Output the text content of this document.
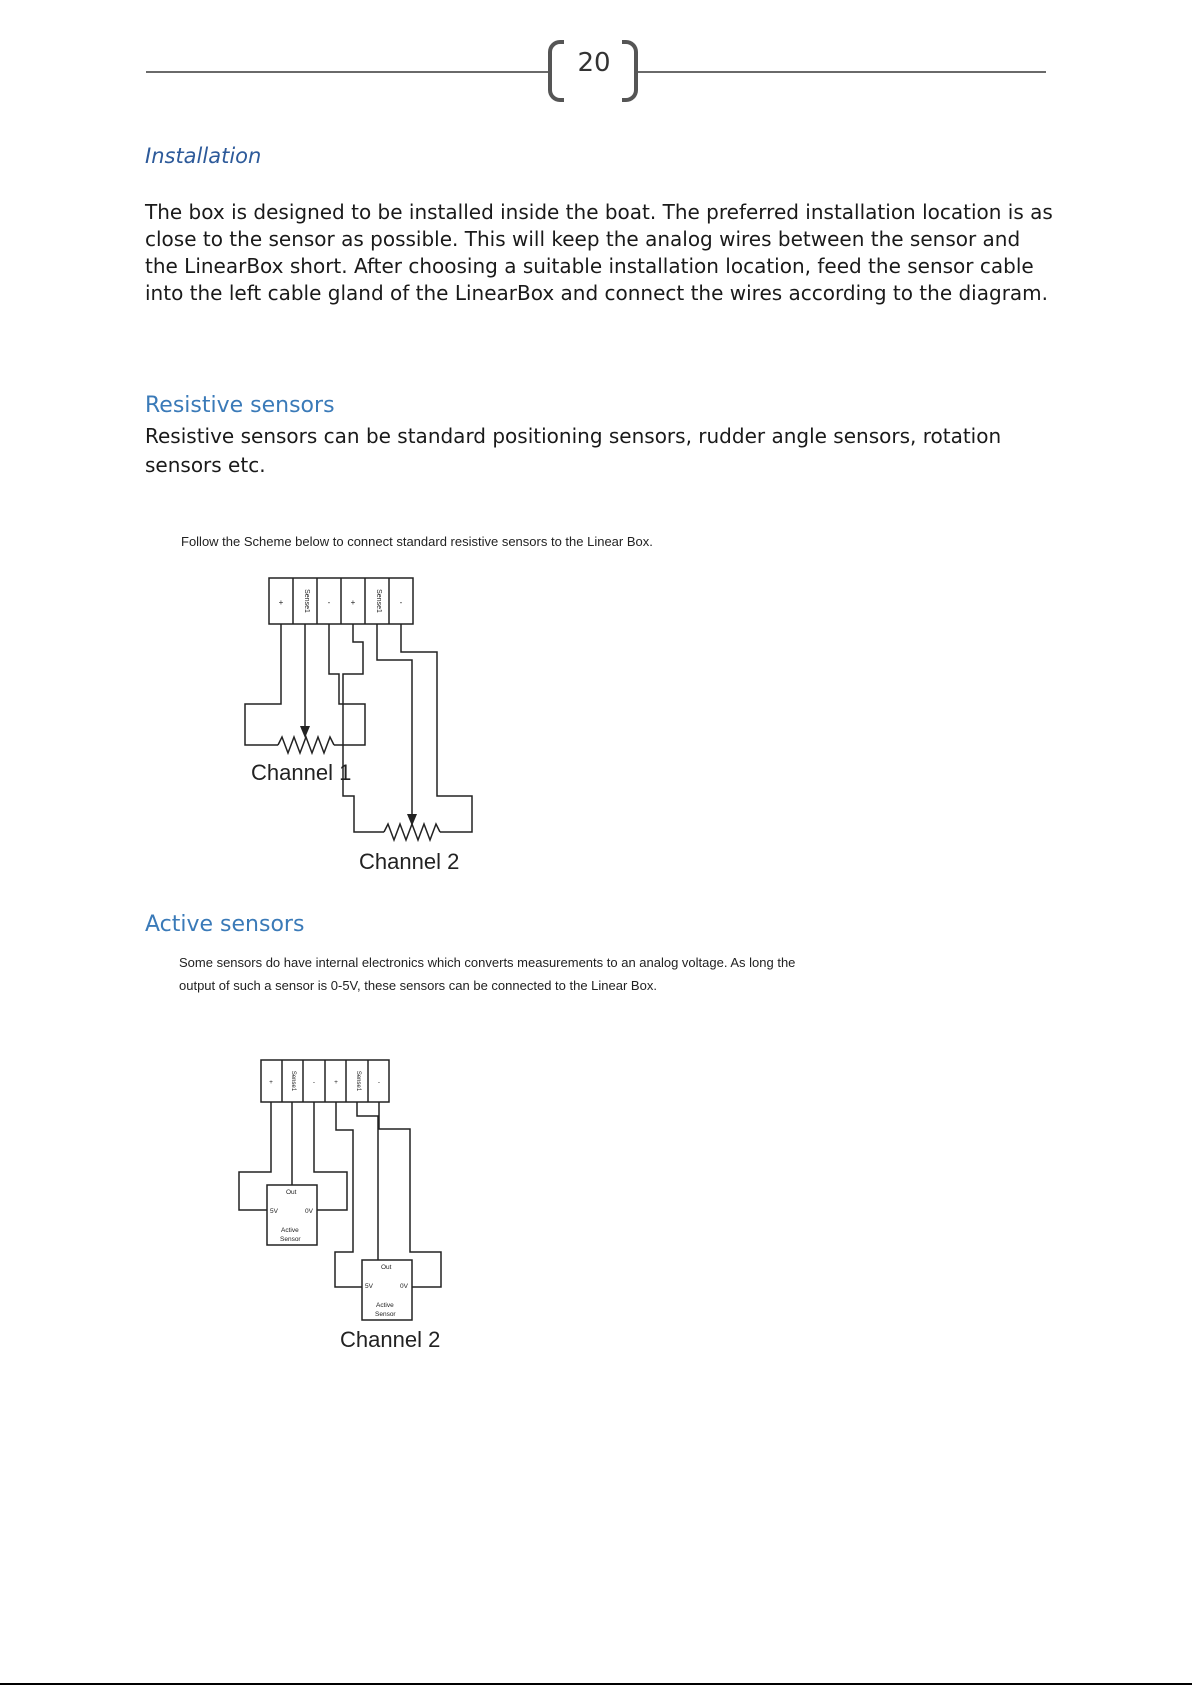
20
Installation
The box is designed to be installed inside the boat. The preferred installation location is as close to the sensor as possible. This will keep the analog wires between the sensor and the LinearBox short. After choosing a suitable installation location, feed the sensor cable into the left cable gland of the LinearBox and connect the wires according to the diagram.
Resistive sensors
Resistive sensors can be standard positioning sensors, rudder angle sensors, rotation sensors etc.
Follow the Scheme below to connect standard resistive sensors to the Linear Box.
+	Sense1 -	+	Sense1 -
Channel 1
Channel 2
Active sensors
Some sensors do have internal electronics which converts measurements to an analog voltage. As long the
output of such a sensor is 0-5V, these sensors can be connected to the Linear Box.
+	Sense1	-	+	Sense1	-
Out
5V	0V
Active
Sensor
Out
5V	0V
Active
Sensor
Channel 2
